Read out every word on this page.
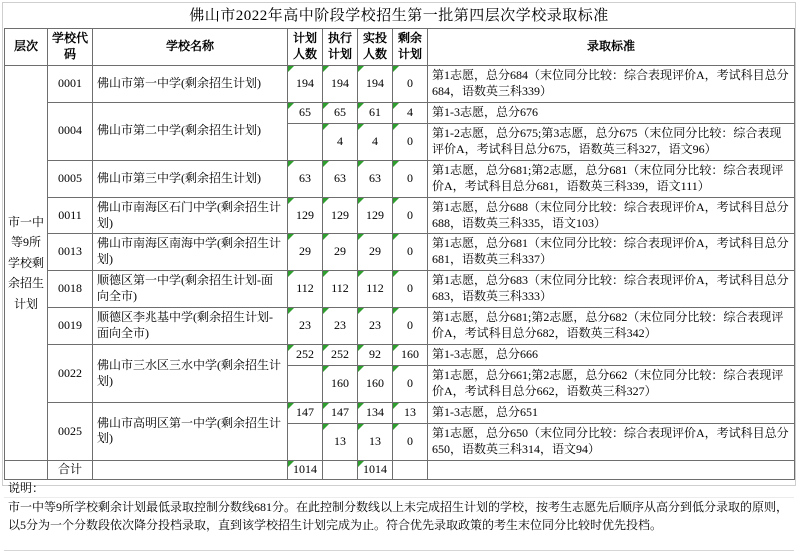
佛山市2022年高中阶段学校招生第一批第四层次学校录取标准
层次	学校代码	学校名称	计划人数	执行计划	实投人数	剩余计划	录取标准
市一中等9所学校剩余招生计划	0001	佛山市第一中学(剩余招生计划)	194	194	194	0	第1志愿，总分684（末位同分比较：综合表现评价A，考试科目总分684，语数英三科339）
	0004	佛山市第二中学(剩余招生计划)	65	65	61	4	第1-3志愿，总分676
				4	4	0	第1-2志愿，总分675;第3志愿，总分675（末位同分比较：综合表现评价A，考试科目总分675，语数英三科327，语文96）
	0005	佛山市第三中学(剩余招生计划)	63	63	63	0	第1志愿，总分681;第2志愿，总分681（末位同分比较：综合表现评价A，考试科目总分681，语数英三科339，语文111）
	0011	佛山市南海区石门中学(剩余招生计划)	129	129	129	0	第1志愿，总分688（末位同分比较：综合表现评价A，考试科目总分688，语数英三科335，语文103）
	0013	佛山市南海区南海中学(剩余招生计划)	29	29	29	0	第1志愿，总分681（末位同分比较：综合表现评价A，考试科目总分681，语数英三科337）
	0018	顺德区第一中学(剩余招生计划-面向全市)	112	112	112	0	第1志愿，总分683（末位同分比较：综合表现评价A，考试科目总分683，语数英三科333）
	0019	顺德区李兆基中学(剩余招生计划-面向全市)	23	23	23	0	第1志愿，总分681;第2志愿，总分682（末位同分比较：综合表现评价A，考试科目总分682，语数英三科342）
	0022	佛山市三水区三水中学(剩余招生计划)	252	252	92	160	第1-3志愿，总分666
				160	160	0	第1志愿，总分661;第2志愿，总分662（末位同分比较：综合表现评价A，考试科目总分662，语数英三科327）
	0025	佛山市高明区第一中学(剩余招生计划)	147	147	134	13	第1-3志愿，总分651
				13	13	0	第1志愿，总分650（末位同分比较：综合表现评价A，考试科目总分650，语数英三科314，语文94）
	合计		1014		1014		
说明：
市一中等9所学校剩余计划最低录取控制分数线681分。在此控制分数线以上未完成招生计划的学校，按考生志愿先后顺序从高分到低分录取的原则，以5分为一个分数段依次降分投档录取，直到该学校招生计划完成为止。符合优先录取政策的考生末位同分比较时优先投档。
